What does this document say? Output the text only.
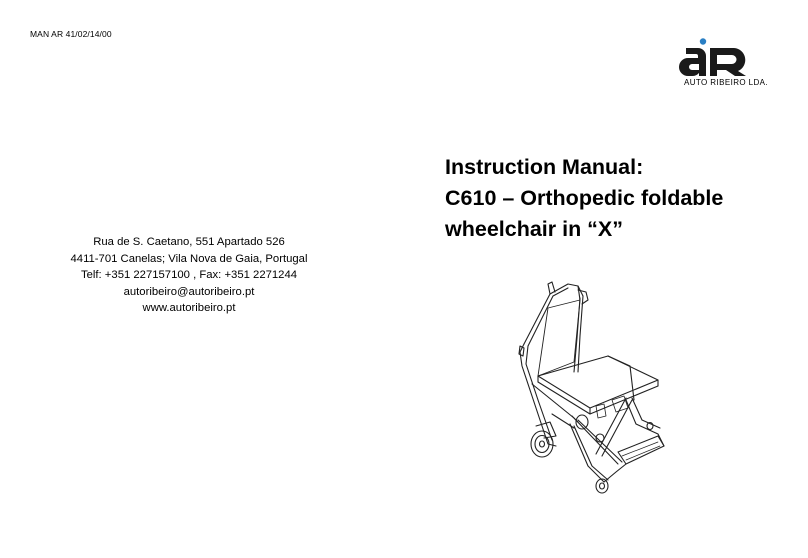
MAN AR 41/02/14/00
AUTO RIBEIRO LDA.
Rua de S. Caetano, 551 Apartado 526
4411-701 Canelas; Vila Nova de Gaia, Portugal
Telf: +351 227157100 , Fax: +351 2271244
autoribeiro@autoribeiro.pt
www.autoribeiro.pt
Instruction Manual:
C610 – Orthopedic foldable
wheelchair in “X”
